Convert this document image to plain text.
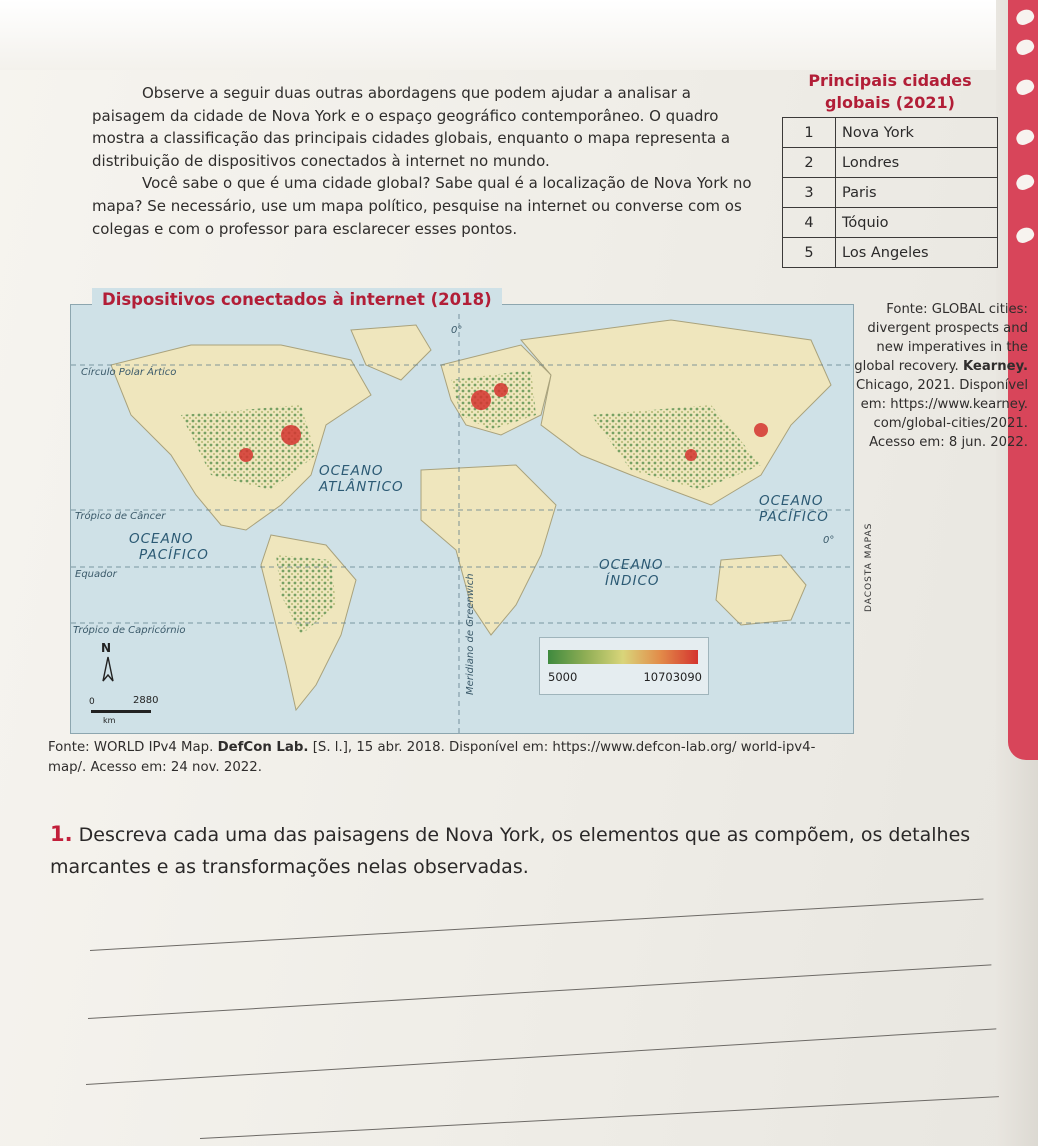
Observe a seguir duas outras abordagens que podem ajudar a analisar a paisagem da cidade de Nova York e o espaço geográfico contemporâneo. O quadro mostra a classificação das principais cidades globais, enquanto o mapa representa a distribuição de dispositivos conectados à internet no mundo.

Você sabe o que é uma cidade global? Sabe qual é a localização de Nova York no mapa? Se necessário, use um mapa político, pesquise na internet ou converse com os colegas e com o professor para esclarecer esses pontos.

Principais cidades
globais (2021)
1	Nova York
2	Londres
3	Paris
4	Tóquio
5	Los Angeles
Fonte: GLOBAL cities:
divergent prospects and
new imperatives in the
global recovery. Kearney.
Chicago, 2021. Disponível
em: https://www.kearney.
com/global-cities/2021.
Acesso em: 8 jun. 2022.
OCEANO
ATLÂNTICO
OCEANO
PACÍFICO
OCEANO
PACÍFICO
OCEANO
ÍNDICO
Círculo Polar Ártico
Trópico de Câncer
Equador
Trópico de Capricórnio
0°
0°
Meridiano de Greenwich	5000	10703090
N
0	2880
km
Dispositivos conectados à internet (2018)
DACOSTA MAPAS
Fonte: WORLD IPv4 Map. DefCon Lab. [S. l.], 15 abr. 2018. Disponível em: https://www.defcon-lab.org/ world-ipv4-map/. Acesso em: 24 nov. 2022.
1. Descreva cada uma das paisagens de Nova York, os elementos que as compõem, os detalhes marcantes e as transformações nelas observadas.
